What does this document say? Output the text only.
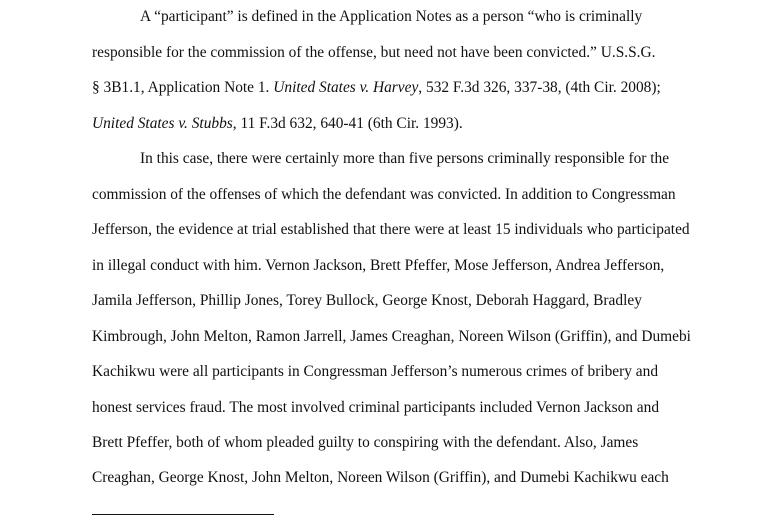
A “participant” is defined in the Application Notes as a person “who is criminally
responsible for the commission of the offense, but need not have been convicted.” U.S.S.G.
§ 3B1.1, Application Note 1. United States v. Harvey, 532 F.3d 326, 337-38, (4th Cir. 2008);
United States v. Stubbs, 11 F.3d 632, 640-41 (6th Cir. 1993).
In this case, there were certainly more than five persons criminally responsible for the
commission of the offenses of which the defendant was convicted. In addition to Congressman
Jefferson, the evidence at trial established that there were at least 15 individuals who participated
in illegal conduct with him. Vernon Jackson, Brett Pfeffer, Mose Jefferson, Andrea Jefferson,
Jamila Jefferson, Phillip Jones, Torey Bullock, George Knost, Deborah Haggard, Bradley
Kimbrough, John Melton, Ramon Jarrell, James Creaghan, Noreen Wilson (Griffin), and Dumebi
Kachikwu were all participants in Congressman Jefferson’s numerous crimes of bribery and
honest services fraud. The most involved criminal participants included Vernon Jackson and
Brett Pfeffer, both of whom pleaded guilty to conspiring with the defendant. Also, James
Creaghan, George Knost, John Melton, Noreen Wilson (Griffin), and Dumebi Kachikwu each
